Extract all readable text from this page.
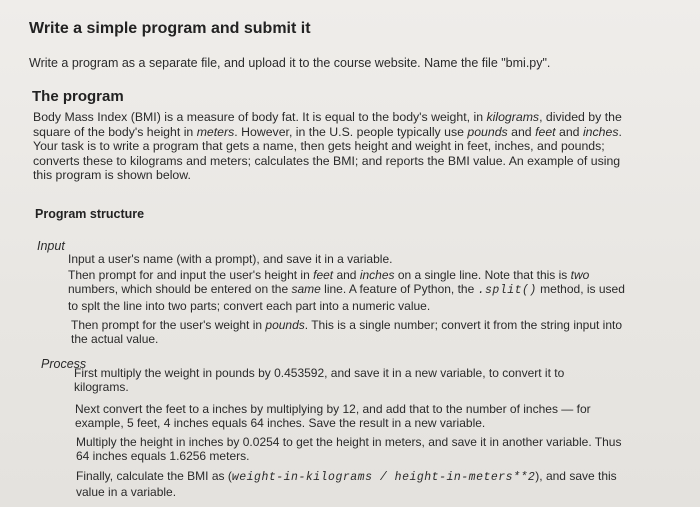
Write a simple program and submit it
Write a program as a separate file, and upload it to the course website. Name the file "bmi.py".
The program
Body Mass Index (BMI) is a measure of body fat. It is equal to the body's weight, in kilograms, divided by the square of the body's height in meters. However, in the U.S. people typically use pounds and feet and inches. Your task is to write a program that gets a name, then gets height and weight in feet, inches, and pounds; converts these to kilograms and meters; calculates the BMI; and reports the BMI value. An example of using this program is shown below.
Program structure
Input
Input a user's name (with a prompt), and save it in a variable.
Then prompt for and input the user's height in feet and inches on a single line. Note that this is two numbers, which should be entered on the same line. A feature of Python, the .split() method, is used to splt the line into two parts; convert each part into a numeric value.
Then prompt for the user's weight in pounds. This is a single number; convert it from the string input into the actual value.
Process
First multiply the weight in pounds by 0.453592, and save it in a new variable, to convert it to kilograms.
Next convert the feet to a inches by multiplying by 12, and add that to the number of inches — for example, 5 feet, 4 inches equals 64 inches. Save the result in a new variable.
Multiply the height in inches by 0.0254 to get the height in meters, and save it in another variable. Thus 64 inches equals 1.6256 meters.
Finally, calculate the BMI as (weight-in-kilograms / height-in-meters**2), and save this value in a variable.
